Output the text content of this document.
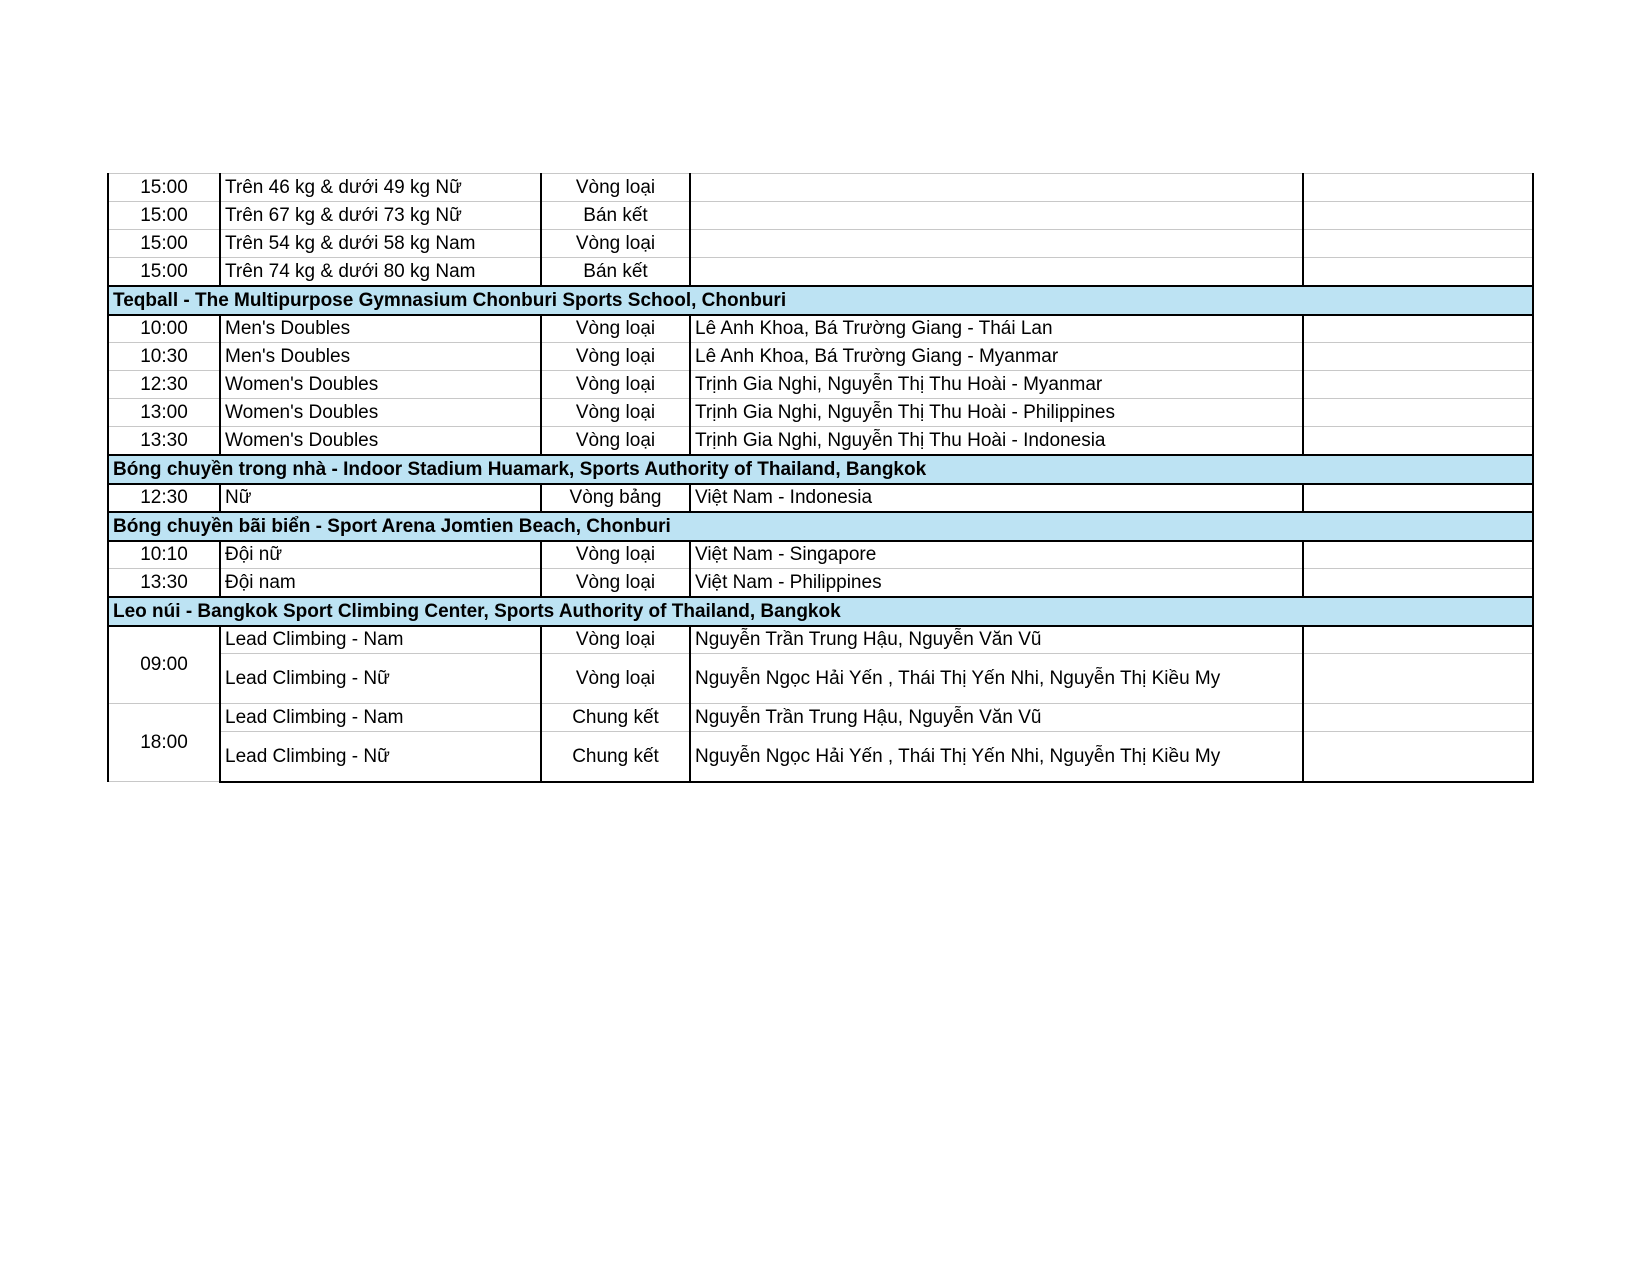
15:00	Trên 46 kg & dưới 49 kg Nữ	Vòng loại		
15:00	Trên 67 kg & dưới 73 kg Nữ	Bán kết		
15:00	Trên 54 kg & dưới 58 kg Nam	Vòng loại		
15:00	Trên 74 kg & dưới 80 kg Nam	Bán kết		
Teqball - The Multipurpose Gymnasium Chonburi Sports School, Chonburi				
10:00	Men's Doubles	Vòng loại	Lê Anh Khoa, Bá Trường Giang - Thái Lan	
10:30	Men's Doubles	Vòng loại	Lê Anh Khoa, Bá Trường Giang - Myanmar	
12:30	Women's Doubles	Vòng loại	Trịnh Gia Nghi, Nguyễn Thị Thu Hoài - Myanmar	
13:00	Women's Doubles	Vòng loại	Trịnh Gia Nghi, Nguyễn Thị Thu Hoài - Philippines	
13:30	Women's Doubles	Vòng loại	Trịnh Gia Nghi, Nguyễn Thị Thu Hoài - Indonesia	
Bóng chuyền trong nhà - Indoor Stadium Huamark, Sports Authority of Thailand, Bangkok				
12:30	Nữ	Vòng bảng	Việt Nam - Indonesia	
Bóng chuyền bãi biển - Sport Arena Jomtien Beach, Chonburi				
10:10	Đội nữ	Vòng loại	Việt Nam - Singapore	
13:30	Đội nam	Vòng loại	Việt Nam - Philippines	
Leo núi - Bangkok Sport Climbing Center, Sports Authority of Thailand, Bangkok				
09:00	Lead Climbing - Nam	Vòng loại	Nguyễn Trần Trung Hậu, Nguyễn Văn Vũ	
	Lead Climbing - Nữ	Vòng loại	Nguyễn Ngọc Hải Yến , Thái Thị Yến Nhi, Nguyễn Thị Kiều My	
18:00	Lead Climbing - Nam	Chung kết	Nguyễn Trần Trung Hậu, Nguyễn Văn Vũ	
	Lead Climbing - Nữ	Chung kết	Nguyễn Ngọc Hải Yến , Thái Thị Yến Nhi, Nguyễn Thị Kiều My	
